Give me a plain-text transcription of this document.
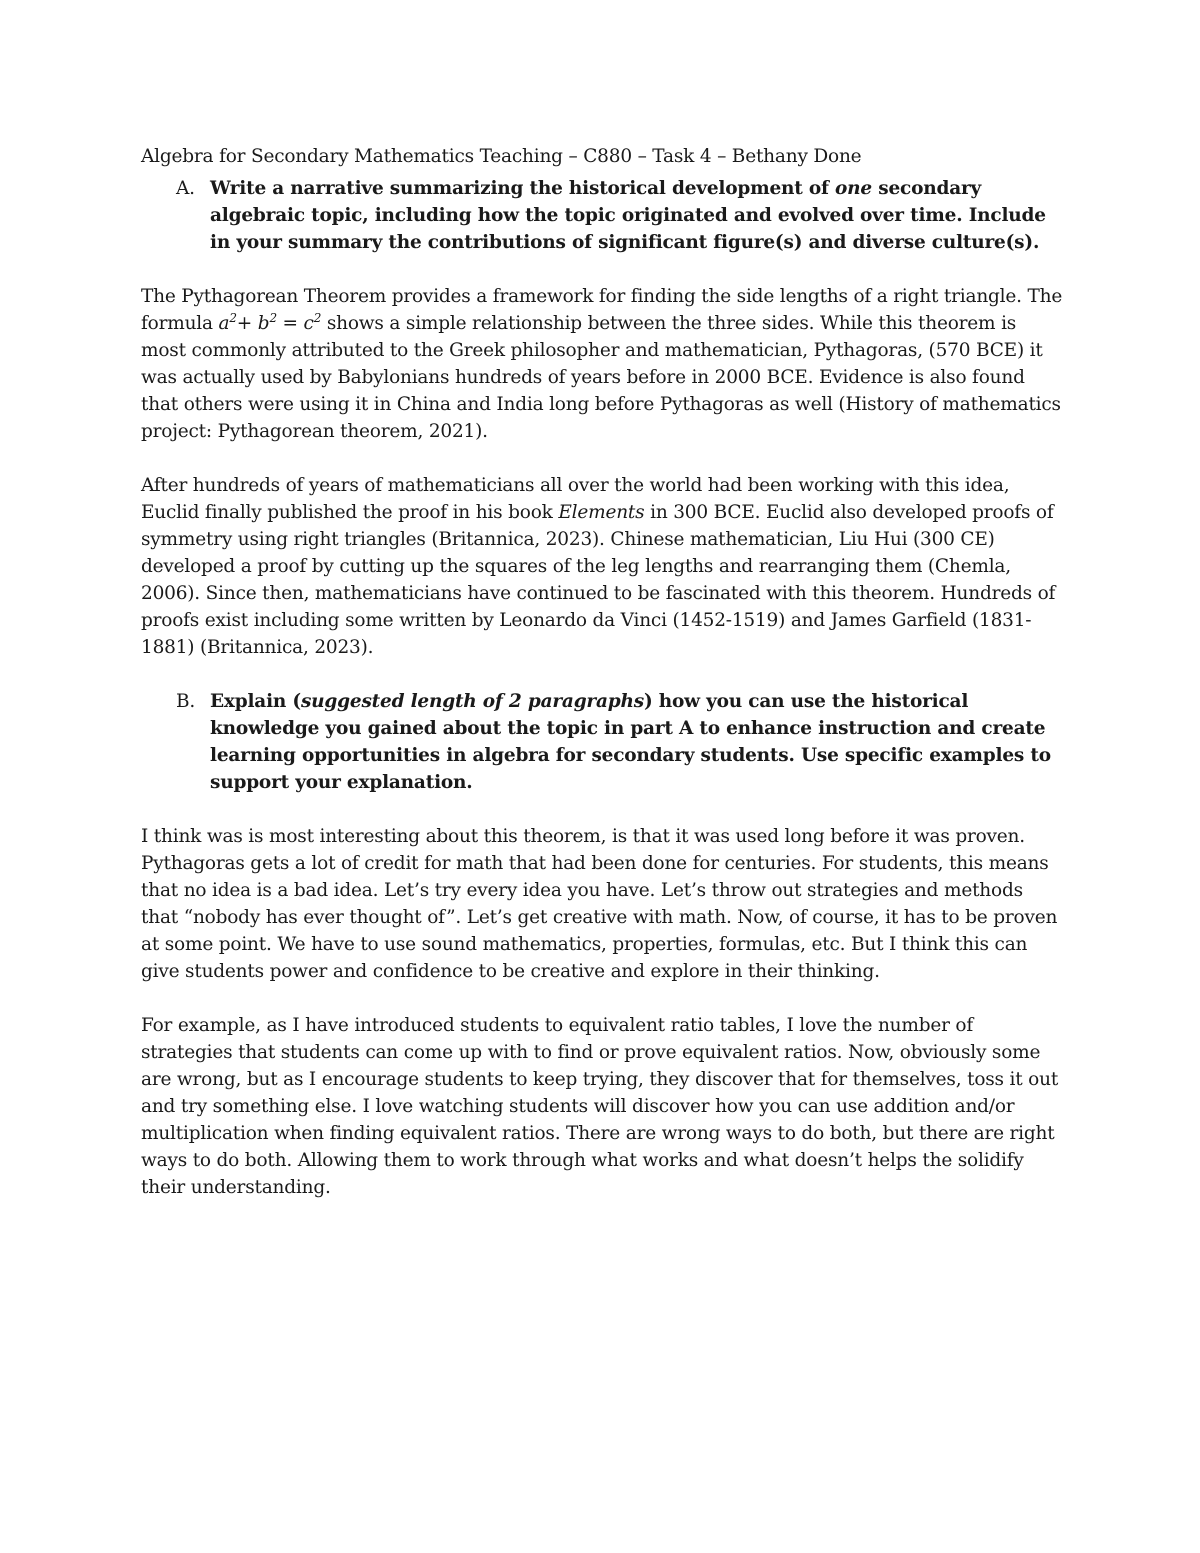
Algebra for Secondary Mathematics Teaching – C880 – Task 4 – Bethany Done

A. Write a narrative summarizing the historical development of one secondary algebraic topic, including how the topic originated and evolved over time. Include in your summary the contributions of significant figure(s) and diverse culture(s).

The Pythagorean Theorem provides a framework for finding the side lengths of a right triangle. The formula $a^2+ b^2 = c^2$ shows a simple relationship between the three sides. While this theorem is most commonly attributed to the Greek philosopher and mathematician, Pythagoras, (570 BCE) it was actually used by Babylonians hundreds of years before in 2000 BCE. Evidence is also found that others were using it in China and India long before Pythagoras as well (History of mathematics project: Pythagorean theorem, 2021).

After hundreds of years of mathematicians all over the world had been working with this idea, Euclid finally published the proof in his book Elements in 300 BCE. Euclid also developed proofs of symmetry using right triangles (Britannica, 2023). Chinese mathematician, Liu Hui (300 CE) developed a proof by cutting up the squares of the leg lengths and rearranging them (Chemla, 2006). Since then, mathematicians have continued to be fascinated with this theorem. Hundreds of proofs exist including some written by Leonardo da Vinci (1452-1519) and James Garfield (1831-1881) (Britannica, 2023).

B. Explain (suggested length of 2 paragraphs) how you can use the historical knowledge you gained about the topic in part A to enhance instruction and create learning opportunities in algebra for secondary students. Use specific examples to support your explanation.

I think was is most interesting about this theorem, is that it was used long before it was proven. Pythagoras gets a lot of credit for math that had been done for centuries. For students, this means that no idea is a bad idea. Let’s try every idea you have. Let’s throw out strategies and methods that “nobody has ever thought of”. Let’s get creative with math. Now, of course, it has to be proven at some point. We have to use sound mathematics, properties, formulas, etc. But I think this can give students power and confidence to be creative and explore in their thinking.

For example, as I have introduced students to equivalent ratio tables, I love the number of strategies that students can come up with to find or prove equivalent ratios. Now, obviously some are wrong, but as I encourage students to keep trying, they discover that for themselves, toss it out and try something else. I love watching students will discover how you can use addition and/or multiplication when finding equivalent ratios. There are wrong ways to do both, but there are right ways to do both. Allowing them to work through what works and what doesn’t helps the solidify their understanding.
